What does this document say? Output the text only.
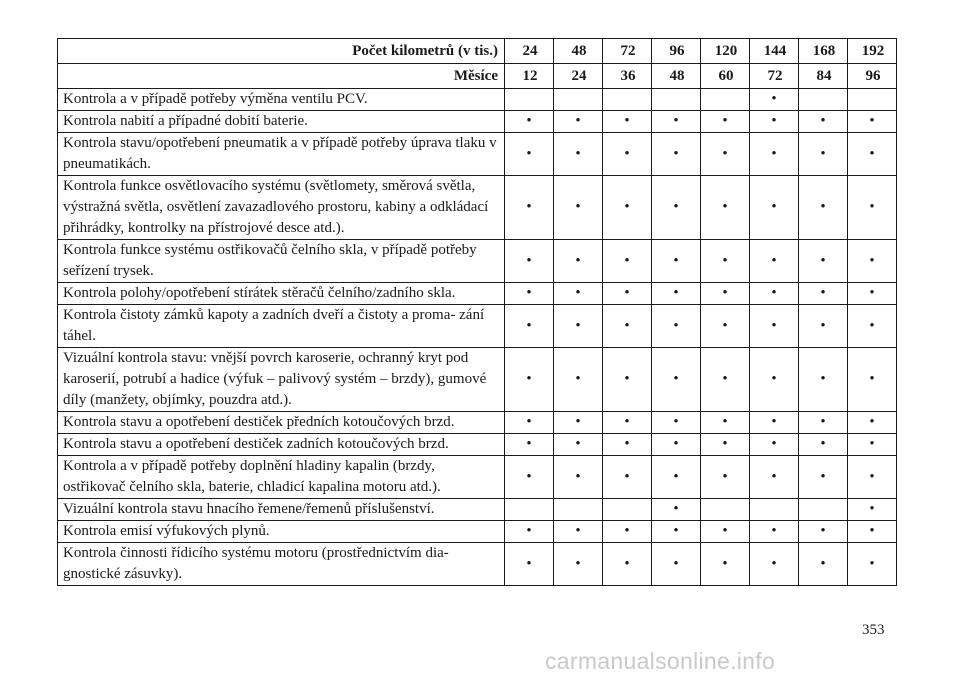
Počet kilometrů (v tis.)	24	48	72	96	120	144	168	192
Měsíce	12	24	36	48	60	72	84	96
Kontrola a v případě potřeby výměna ventilu PCV.						•		
Kontrola nabití a případné dobití baterie.	•	•	•	•	•	•	•	•
Kontrola stavu/opotřebení pneumatik a v případě potřeby úprava tlaku v pneumatikách.	•	•	•	•	•	•	•	•
Kontrola funkce osvětlovacího systému (světlomety, směrová světla, výstražná světla, osvětlení zavazadlového prostoru, kabiny a odkládací přihrádky, kontrolky na přístrojové desce atd.).	•	•	•	•	•	•	•	•
Kontrola funkce systému ostřikovačů čelního skla, v případě potřeby seřízení trysek.	•	•	•	•	•	•	•	•
Kontrola polohy/opotřebení stírátek stěračů čelního/zadního skla.	•	•	•	•	•	•	•	•
Kontrola čistoty zámků kapoty a zadních dveří a čistoty a proma- zání táhel.	•	•	•	•	•	•	•	•
Vizuální kontrola stavu: vnější povrch karoserie, ochranný kryt pod karoserií, potrubí a hadice (výfuk – palivový systém – brzdy), gumové díly (manžety, objímky, pouzdra atd.).	•	•	•	•	•	•	•	•
Kontrola stavu a opotřebení destiček předních kotoučových brzd.	•	•	•	•	•	•	•	•
Kontrola stavu a opotřebení destiček zadních kotoučových brzd.	•	•	•	•	•	•	•	•
Kontrola a v případě potřeby doplnění hladiny kapalin (brzdy, ostřikovač čelního skla, baterie, chladicí kapalina motoru atd.).	•	•	•	•	•	•	•	•
Vizuální kontrola stavu hnacího řemene/řemenů příslušenství.				•				•
Kontrola emisí výfukových plynů.	•	•	•	•	•	•	•	•
Kontrola činnosti řídicího systému motoru (prostřednictvím dia- gnostické zásuvky).	•	•	•	•	•	•	•	•
353
carmanualsonline.info
